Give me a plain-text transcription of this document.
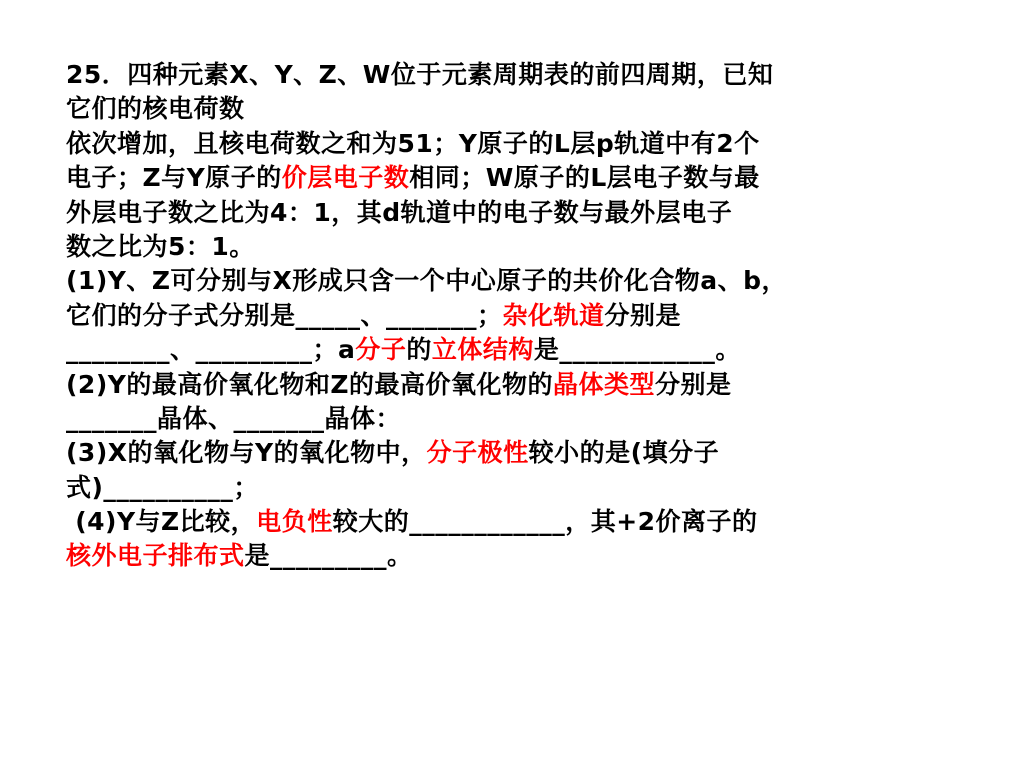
25．四种元素X、Y、Z、W位于元素周期表的前四周期，已知
它们的核电荷数
依次增加，且核电荷数之和为51；Y原子的L层p轨道中有2个
电子；Z与Y原子的价层电子数相同；W原子的L层电子数与最
外层电子数之比为4：1，其d轨道中的电子数与最外层电子
数之比为5：1。
(1)Y、Z可分别与X形成只含一个中心原子的共价化合物a、b，
它们的分子式分别是_____、_______；杂化轨道分别是
________、_________；a分子的立体结构是____________。
(2)Y的最高价氧化物和Z的最高价氧化物的晶体类型分别是
_______晶体、_______晶体：
(3)X的氧化物与Y的氧化物中，分子极性较小的是(填分子
式)__________；
(4)Y与Z比较，电负性较大的____________，其+2价离子的
核外电子排布式是_________。
